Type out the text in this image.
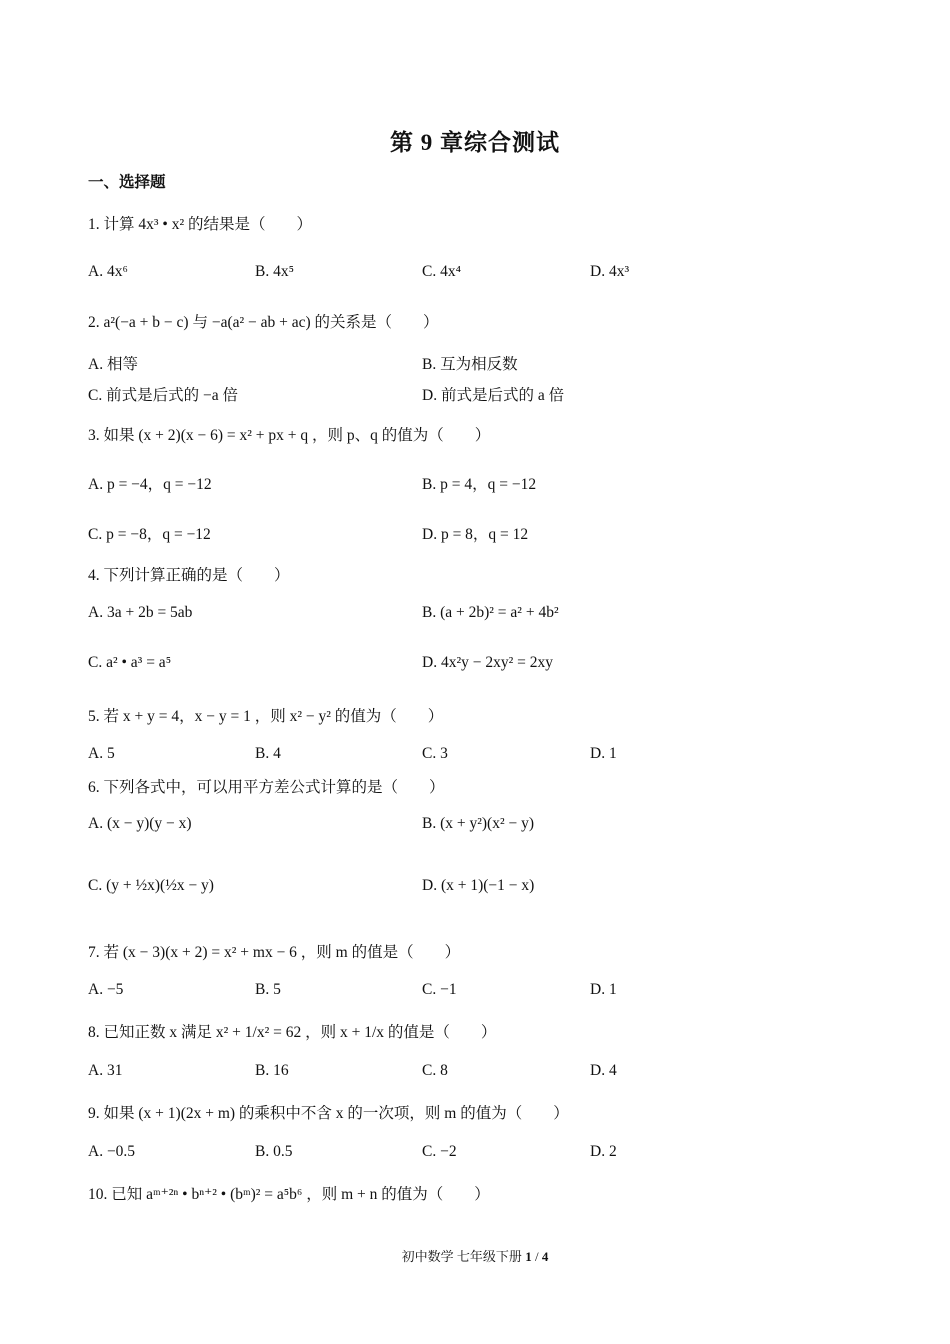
第 9 章综合测试
一、选择题
1. 计算 4x³ • x² 的结果是（　　）
A. 4x⁶	B. 4x⁵	C. 4x⁴	D. 4x³
2. a²(−a + b − c) 与 −a(a² − ab + ac) 的关系是（　　）
A. 相等	B. 互为相反数
C. 前式是后式的 −a 倍	D. 前式是后式的 a 倍
3. 如果 (x + 2)(x − 6) = x² + px + q ，则 p、q 的值为（　　）
A. p = −4，q = −12	B. p = 4，q = −12
C. p = −8，q = −12	D. p = 8，q = 12
4. 下列计算正确的是（　　）
A. 3a + 2b = 5ab	B. (a + 2b)² = a² + 4b²
C. a² • a³ = a⁵	D. 4x²y − 2xy² = 2xy
5. 若 x + y = 4，x − y = 1 ，则 x² − y² 的值为（　　）
A. 5	B. 4	C. 3	D. 1
6. 下列各式中，可以用平方差公式计算的是（　　）
A. (x − y)(y − x)	B. (x + y²)(x² − y)
C. (y + ½x)(½x − y)	D. (x + 1)(−1 − x)
7. 若 (x − 3)(x + 2) = x² + mx − 6 ，则 m 的值是（　　）
A. −5	B. 5	C. −1	D. 1
8. 已知正数 x 满足 x² + 1/x² = 62 ，则 x + 1/x 的值是（　　）
A. 31	B. 16	C. 8	D. 4
9. 如果 (x + 1)(2x + m) 的乘积中不含 x 的一次项，则 m 的值为（　　）
A. −0.5	B. 0.5	C. −2	D. 2
10. 已知 aᵐ⁺²ⁿ • bⁿ⁺² • (bᵐ)² = a⁵b⁶ ，则 m + n 的值为（　　）
初中数学 七年级下册 1 / 4
